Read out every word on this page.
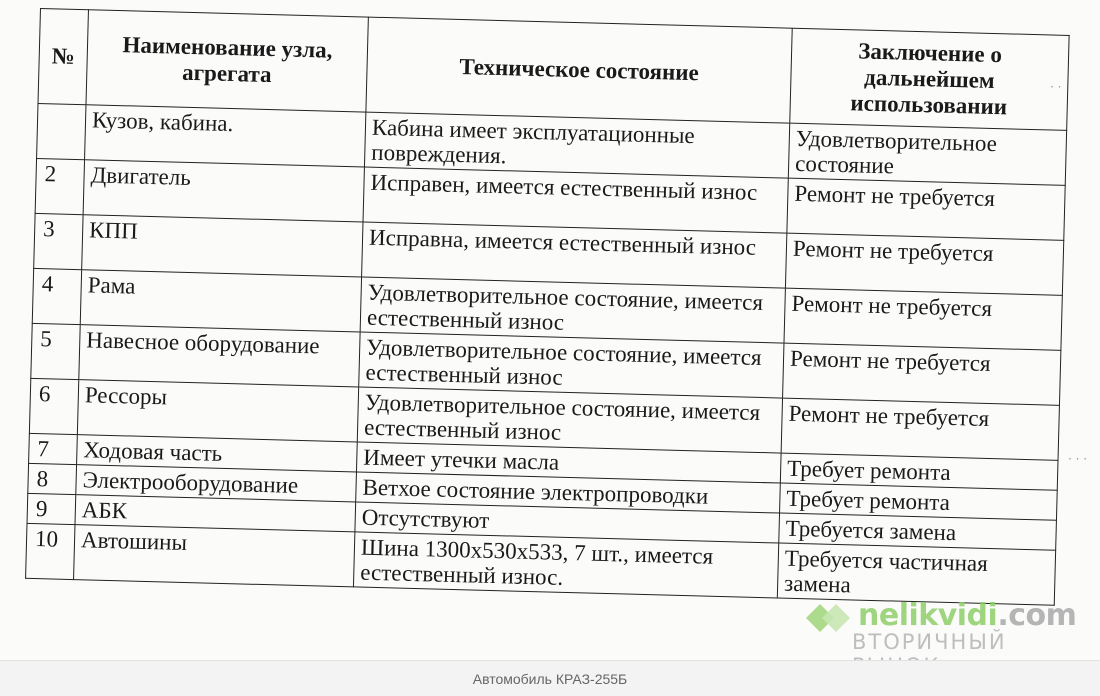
№	Наименование узла, агрегата	Техническое состояние	Заключение о дальнейшем использовании
	Кузов, кабина.	Кабина имеет эксплуатационные повреждения.	Удовлетворительное состояние
2	Двигатель	Исправен, имеется естественный износ	Ремонт не требуется
3	КПП	Исправна, имеется естественный износ	Ремонт не требуется
4	Рама	Удовлетворительное состояние, имеется естественный износ	Ремонт не требуется
5	Навесное оборудование	Удовлетворительное состояние, имеется естественный износ	Ремонт не требуется
6	Рессоры	Удовлетворительное состояние, имеется естественный износ	Ремонт не требуется
7	Ходовая часть	Имеет утечки масла	Требует ремонта
8	Электрооборудование	Ветхое состояние электропроводки	Требует ремонта
9	АБК	Отсутствуют	Требуется замена
10	Автошины	Шина 1300x530x533, 7 шт., имеется естественный износ.	Требуется частичная замена
· ·
· · ·
nelikvidi.com
ВТОРИЧНЫЙ
Автомобиль КРАЗ-255Б
